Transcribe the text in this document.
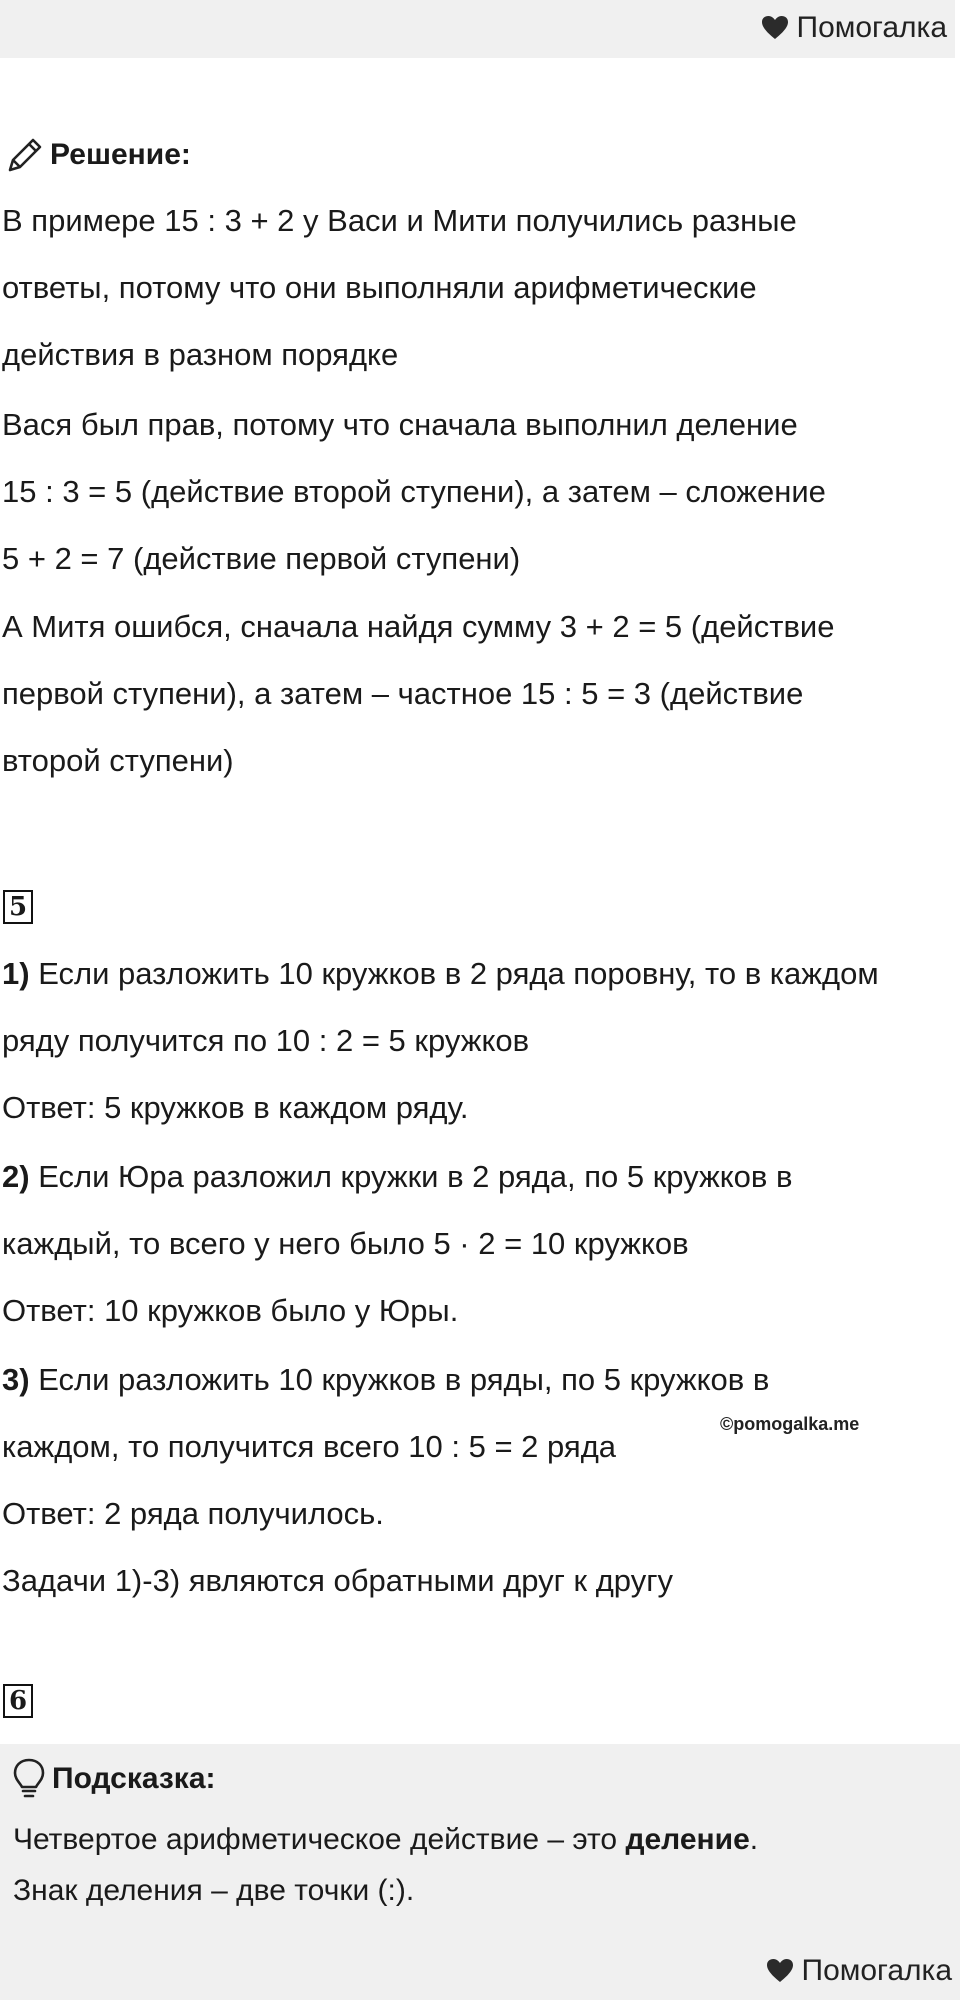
Помогалка
Решение:
В примере 15 : 3 + 2 у Васи и Мити получились разные
ответы, потому что они выполняли арифметические
действия в разном порядке
Вася был прав, потому что сначала выполнил деление
15 : 3 = 5 (действие второй ступени), а затем – сложение
5 + 2 = 7 (действие первой ступени)
А Митя ошибся, сначала найдя сумму 3 + 2 = 5 (действие
первой ступени), а затем – частное 15 : 5 = 3 (действие
второй ступени)
5
1) Если разложить 10 кружков в 2 ряда поровну, то в каждом
ряду получится по 10 : 2 = 5 кружков
Ответ: 5 кружков в каждом ряду.
2) Если Юра разложил кружки в 2 ряда, по 5 кружков в
каждый, то всего у него было 5 · 2 = 10 кружков
Ответ: 10 кружков было у Юры.
3) Если разложить 10 кружков в ряды, по 5 кружков в
каждом, то получится всего 10 : 5 = 2 ряда
©pomogalka.me
Ответ: 2 ряда получилось.
Задачи 1)-3) являются обратными друг к другу
6
Подсказка:
Четвертое арифметическое действие – это деление.
Знак деления – две точки (:).
Помогалка
